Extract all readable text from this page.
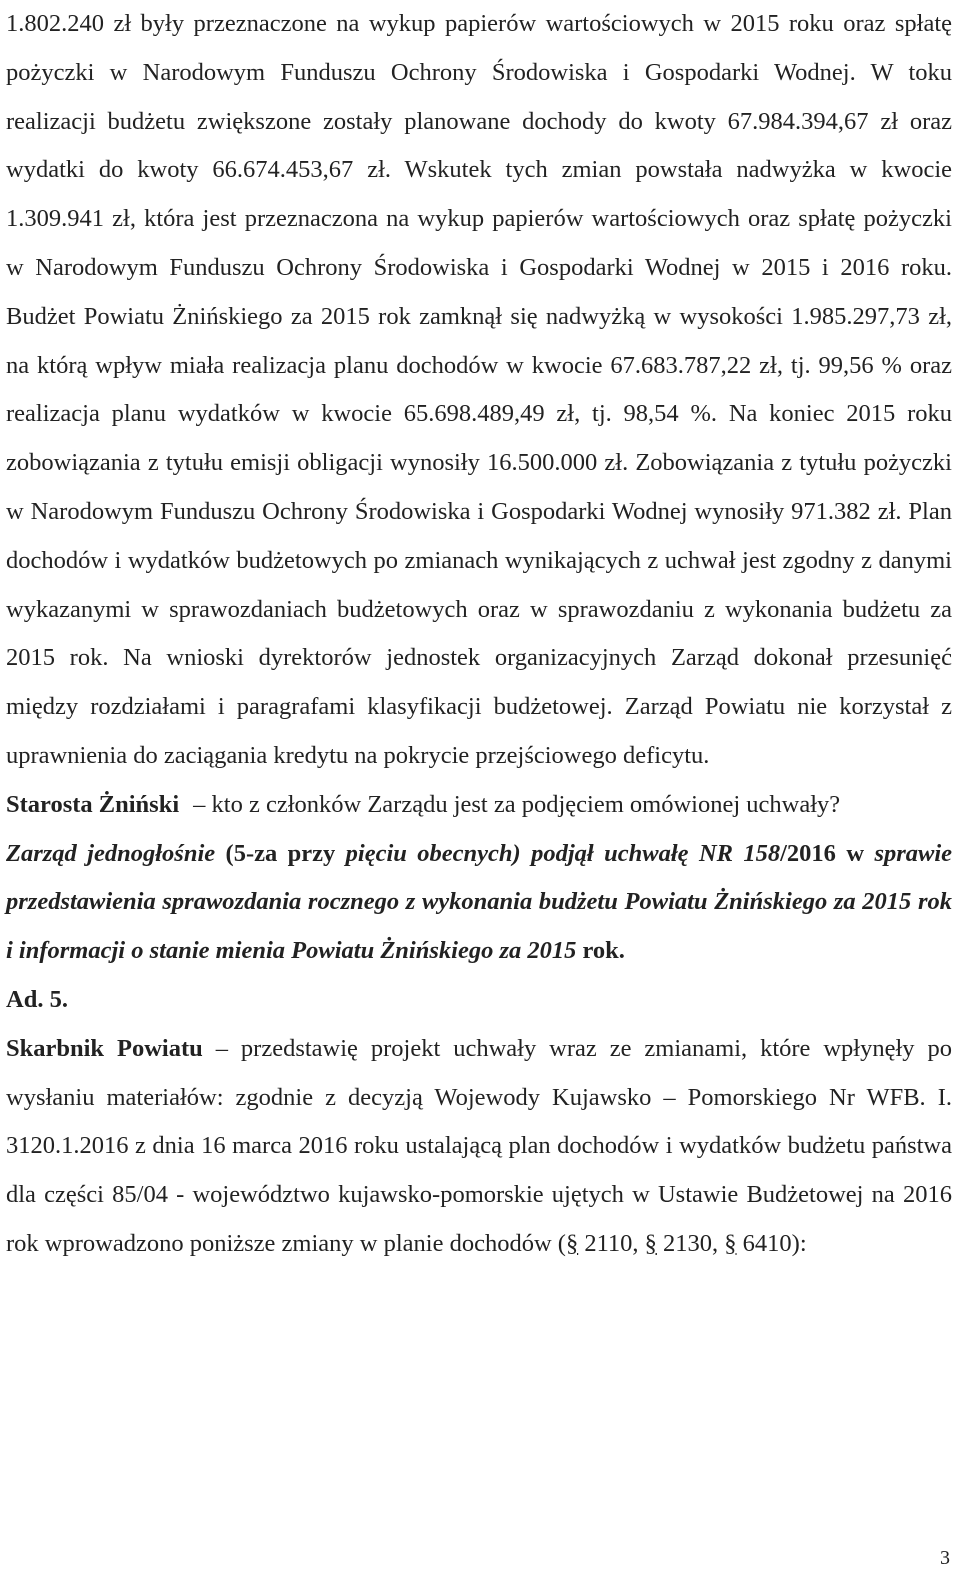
1.802.240 zł były przeznaczone na wykup papierów wartościowych w 2015 roku oraz spłatę pożyczki w Narodowym Funduszu Ochrony Środowiska i Gospodarki Wodnej. W toku realizacji budżetu zwiększone zostały planowane dochody do kwoty 67.984.394,67 zł oraz wydatki do kwoty 66.674.453,67 zł. Wskutek tych zmian powstała nadwyżka w kwocie 1.309.941 zł, która jest przeznaczona na wykup papierów wartościowych oraz spłatę pożyczki w Narodowym Funduszu Ochrony Środowiska i Gospodarki Wodnej w 2015 i 2016 roku. Budżet Powiatu Żnińskiego za 2015 rok zamknął się nadwyżką w wysokości 1.985.297,73 zł, na którą wpływ miała realizacja planu dochodów w kwocie 67.683.787,22 zł, tj. 99,56 % oraz realizacja planu wydatków w kwocie 65.698.489,49 zł, tj. 98,54 %. Na koniec 2015 roku zobowiązania z tytułu emisji obligacji wynosiły 16.500.000 zł. Zobowiązania z tytułu pożyczki w Narodowym Funduszu Ochrony Środowiska i Gospodarki Wodnej wynosiły 971.382 zł. Plan dochodów i wydatków budżetowych po zmianach wynikających z uchwał jest zgodny z danymi wykazanymi w sprawozdaniach budżetowych oraz w sprawozdaniu z wykonania budżetu za 2015 rok. Na wnioski dyrektorów jednostek organizacyjnych Zarząd dokonał przesunięć między rozdziałami i paragrafami klasyfikacji budżetowej. Zarząd Powiatu nie korzystał z uprawnienia do zaciągania kredytu na pokrycie przejściowego deficytu.

Starosta Żniński – kto z członków Zarządu jest za podjęciem omówionej uchwały?

Zarząd jednogłośnie (5-za przy pięciu obecnych) podjął uchwałę NR 158/2016 w sprawie przedstawienia sprawozdania rocznego z wykonania budżetu Powiatu Żnińskiego za 2015 rok i informacji o stanie mienia Powiatu Żnińskiego za 2015 rok.

Ad. 5.

Skarbnik Powiatu – przedstawię projekt uchwały wraz ze zmianami, które wpłynęły po wysłaniu materiałów: zgodnie z decyzją Wojewody Kujawsko – Pomorskiego Nr WFB. I. 3120.1.2016 z dnia 16 marca 2016 roku ustalającą plan dochodów i wydatków budżetu państwa dla części 85/04 - województwo kujawsko-pomorskie ujętych w Ustawie Budżetowej na 2016 rok wprowadzono poniższe zmiany w planie dochodów (§ 2110, § 2130, § 6410):

3
